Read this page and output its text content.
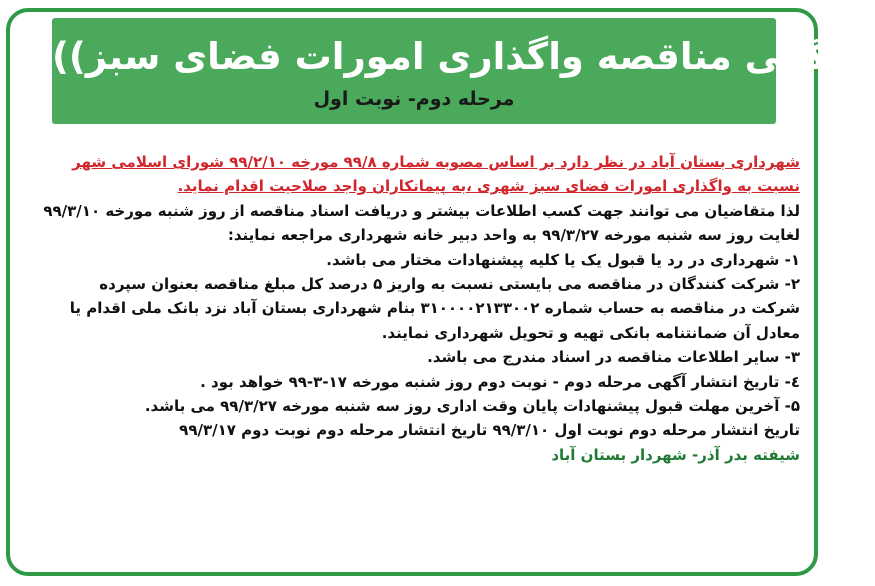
((آگهی مناقصه واگذاری امورات فضای سبز))
مرحله دوم- نوبت اول

شهرداری بستان آباد در نظر دارد بر اساس مصوبه شماره ۹۹/۸ مورخه ۹۹/۲/۱۰ شورای اسلامی شهر

نسبت به واگذاری امورات فضای سبز شهری ،به پیمانکاران واجد صلاحیت اقدام نماید.

لذا متقاضیان می توانند جهت کسب اطلاعات بیشتر و دریافت اسناد مناقصه از روز شنبه مورخه ۹۹/۳/۱۰

لغایت روز سه شنبه مورخه ۹۹/۳/۲۷ به واحد دبیر خانه شهرداری مراجعه نمایند:

۱- شهرداری در رد یا قبول یک یا کلیه پیشنهادات مختار می باشد.

۲- شرکت کنندگان در مناقصه می بایستی نسبت به واریز ۵ درصد کل مبلغ مناقصه بعنوان سپرده

شرکت در مناقصه به حساب شماره ۳۱۰۰۰۰۲۱۳۳۰۰۲ بنام شهرداری بستان آباد نزد بانک ملی اقدام یا

معادل آن ضمانتنامه بانکی تهیه و تحویل شهرداری نمایند.

۳- سایر اطلاعات مناقصه در اسناد مندرج می باشد.

٤- تاریخ انتشار آگهی مرحله دوم - نوبت دوم روز شنبه مورخه ۱۷-۳-۹۹ خواهد بود .

۵- آخرین مهلت قبول پیشنهادات پایان وقت اداری روز سه شنبه مورخه ۹۹/۳/۲۷ می باشد.

تاریخ انتشار مرحله دوم نوبت اول ۹۹/۳/۱۰ تاریخ انتشار مرحله دوم نوبت دوم ۹۹/۳/۱۷

شیفته بدر آذر- شهردار بستان آباد
